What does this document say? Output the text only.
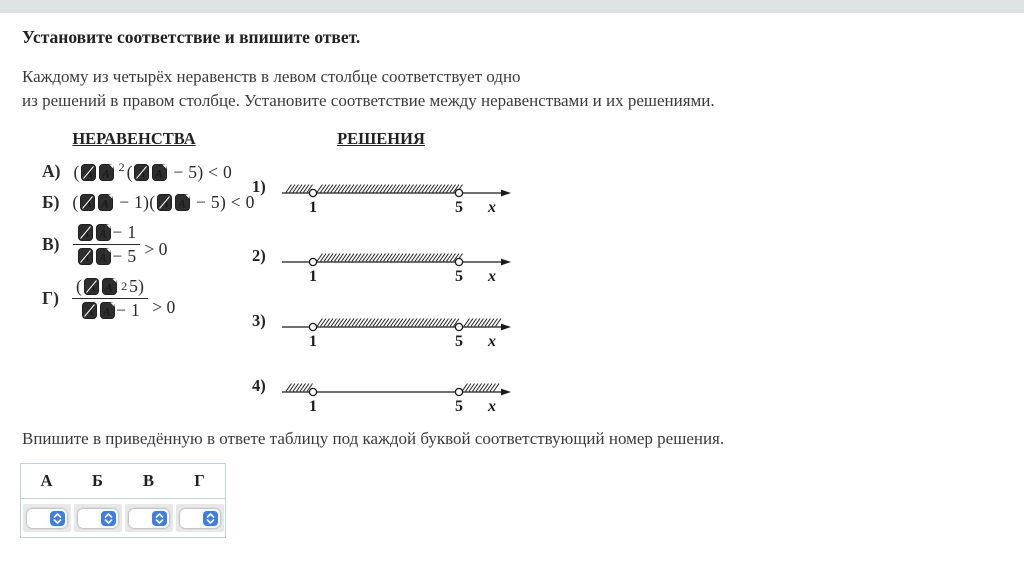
Установите соответствие и впишите ответ.
Каждому из четырёх неравенств в левом столбце соответствует одно
из решений в правом столбце. Установите соответствие между неравенствами и их решениями.
НЕРАВЕНСТВА	РЕШЕНИЯ
А) ( A A
$^2$ ( A A − 5) < 0
Б) ( A A − 1)( A A − 5) < 0
$В) \frac{\text{A A − 1}}{\text{A A − 5}} > 0$
$Г) \frac{\text{( A A 2 5)}}{\text{A A − 1}} > 0$
1)
1	5 x
2)
1	5 x
3)
1	5 x
4)
1	5 x
Впишите в приведённую в ответе таблицу под каждой буквой соответствующий номер решения.
А	Б	В	Г
